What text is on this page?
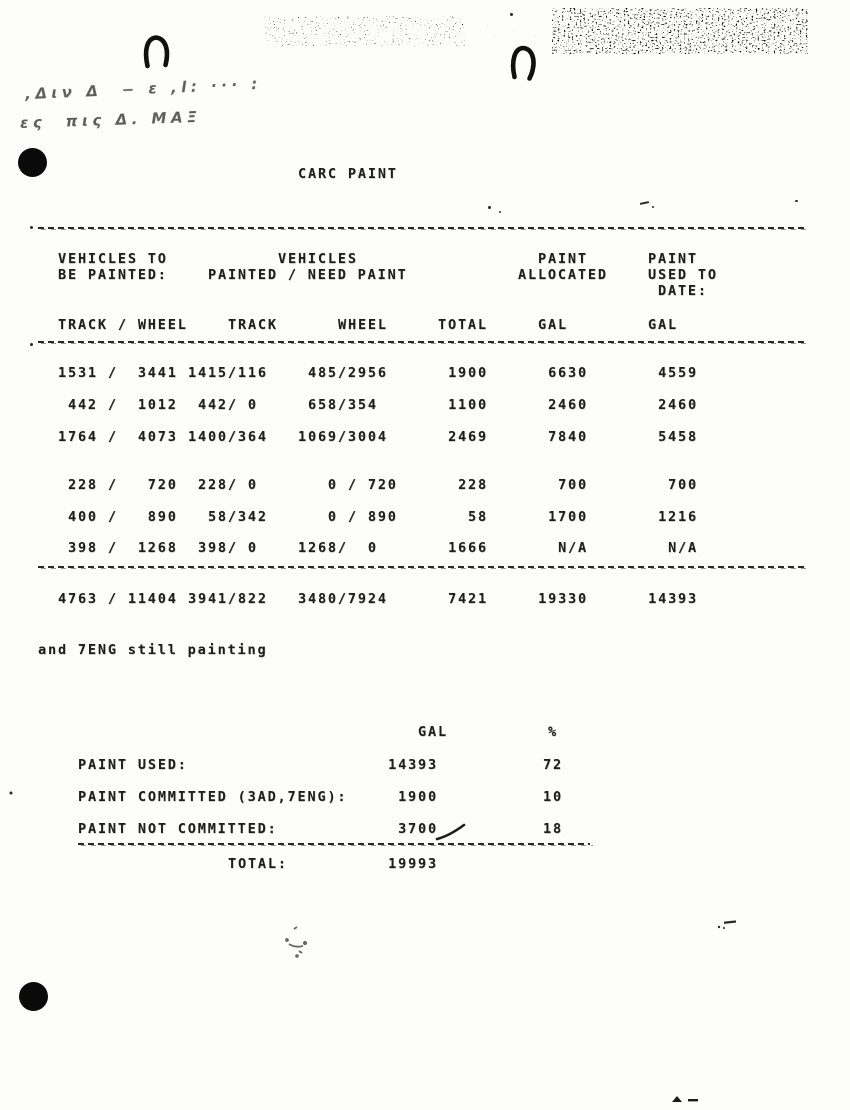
,Διν Δ  − ε ,l: ··· :
ες  πις Δ. ΜΑΞ
CARC PAINT
VEHICLES TO	VEHICLES	PAINT	PAINT
BE PAINTED:	PAINTED / NEED PAINT	ALLOCATED	USED TO
DATE:
TRACK / WHEEL	TRACK	WHEEL	TOTAL	GAL	GAL
1531 /  3441 1415/116	485/2956	1900	6630	4559
442 /  1012 442/ 0	658/354	1100	2460	2460
1764 /  4073 1400/364	1069/3004	2469	7840	5458
228 /   720 228/ 0	0 / 720	228	700	700
400 /   890 58/342	0 / 890	58	1700	1216
398 /  1268 398/ 0	1268/  0	1666	N/A	N/A
4763 / 11404 3941/822	3480/7924	7421	19330	14393
and 7ENG still painting
GAL	%
PAINT USED:	14393	72
PAINT COMMITTED (3AD,7ENG):	1900	10
PAINT NOT COMMITTED:	3700	18
TOTAL:	19993
